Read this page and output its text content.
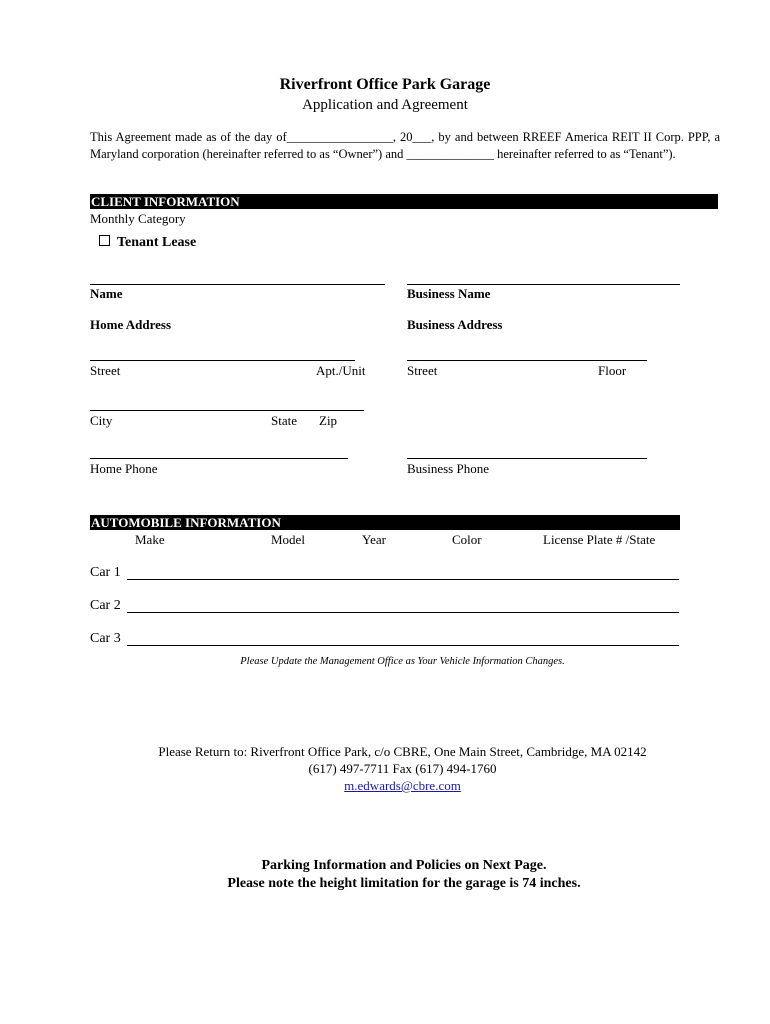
Riverfront Office Park Garage
Application and Agreement
This Agreement made as of the day of_________________, 20___, by and between RREEF America REIT II Corp. PPP, a Maryland corporation (hereinafter referred to as “Owner”) and ______________ hereinafter referred to as “Tenant”).
CLIENT INFORMATION
Monthly Category
Tenant Lease
Name	Business Name
Home Address	Business Address
Street	Apt./Unit	Street	Floor
City	State Zip
Home Phone	Business Phone
AUTOMOBILE INFORMATION
Make	Model	Year	Color	License Plate # /State
Car 1
Car 2
Car 3
Please Update the Management Office as Your Vehicle Information Changes.
Please Return to: Riverfront Office Park, c/o CBRE, One Main Street, Cambridge, MA 02142
(617) 497-7711 Fax (617) 494-1760
m.edwards@cbre.com
Parking Information and Policies on Next Page.
Please note the height limitation for the garage is 74 inches.
